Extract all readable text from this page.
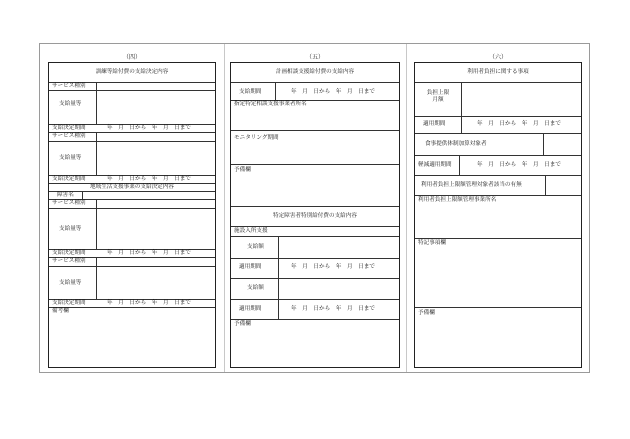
（四）
訓練等給付費の支給決定内容
サービス種別
支給量等
支給決定期間	年　月　日から　年　月　日まで
サービス種別
支給量等
支給決定期間	年　月　日から　年　月　日まで
地域生活支援事業の支給決定内容
障害名
サービス種別
支給量等
支給決定期間	年　月　日から　年　月　日まで
サービス種別
支給量等
支給決定期間	年　月　日から　年　月　日まで
備考欄
（五）
計画相談支援給付費の支給内容
支給期間	年　月　日から　年　月　日まで
指定特定相談支援事業者所名
モニタリング期間
予備欄
特定障害者特別給付費の支給内容
施設入所支援
支給額
適用期間	年　月　日から　年　月　日まで
支給額
適用期間	年　月　日から　年　月　日まで
予備欄
（六）
利用者負担に関する事項
負担上限
月額
適用期間	年　月　日から　年　月　日まで
食事提供体制加算対象者
軽減適用期間	年　月　日から　年　月　日まで
利用者負担上限額管理対象者該当の有無
利用者負担上限額管理事業所名
特記事項欄
予備欄
